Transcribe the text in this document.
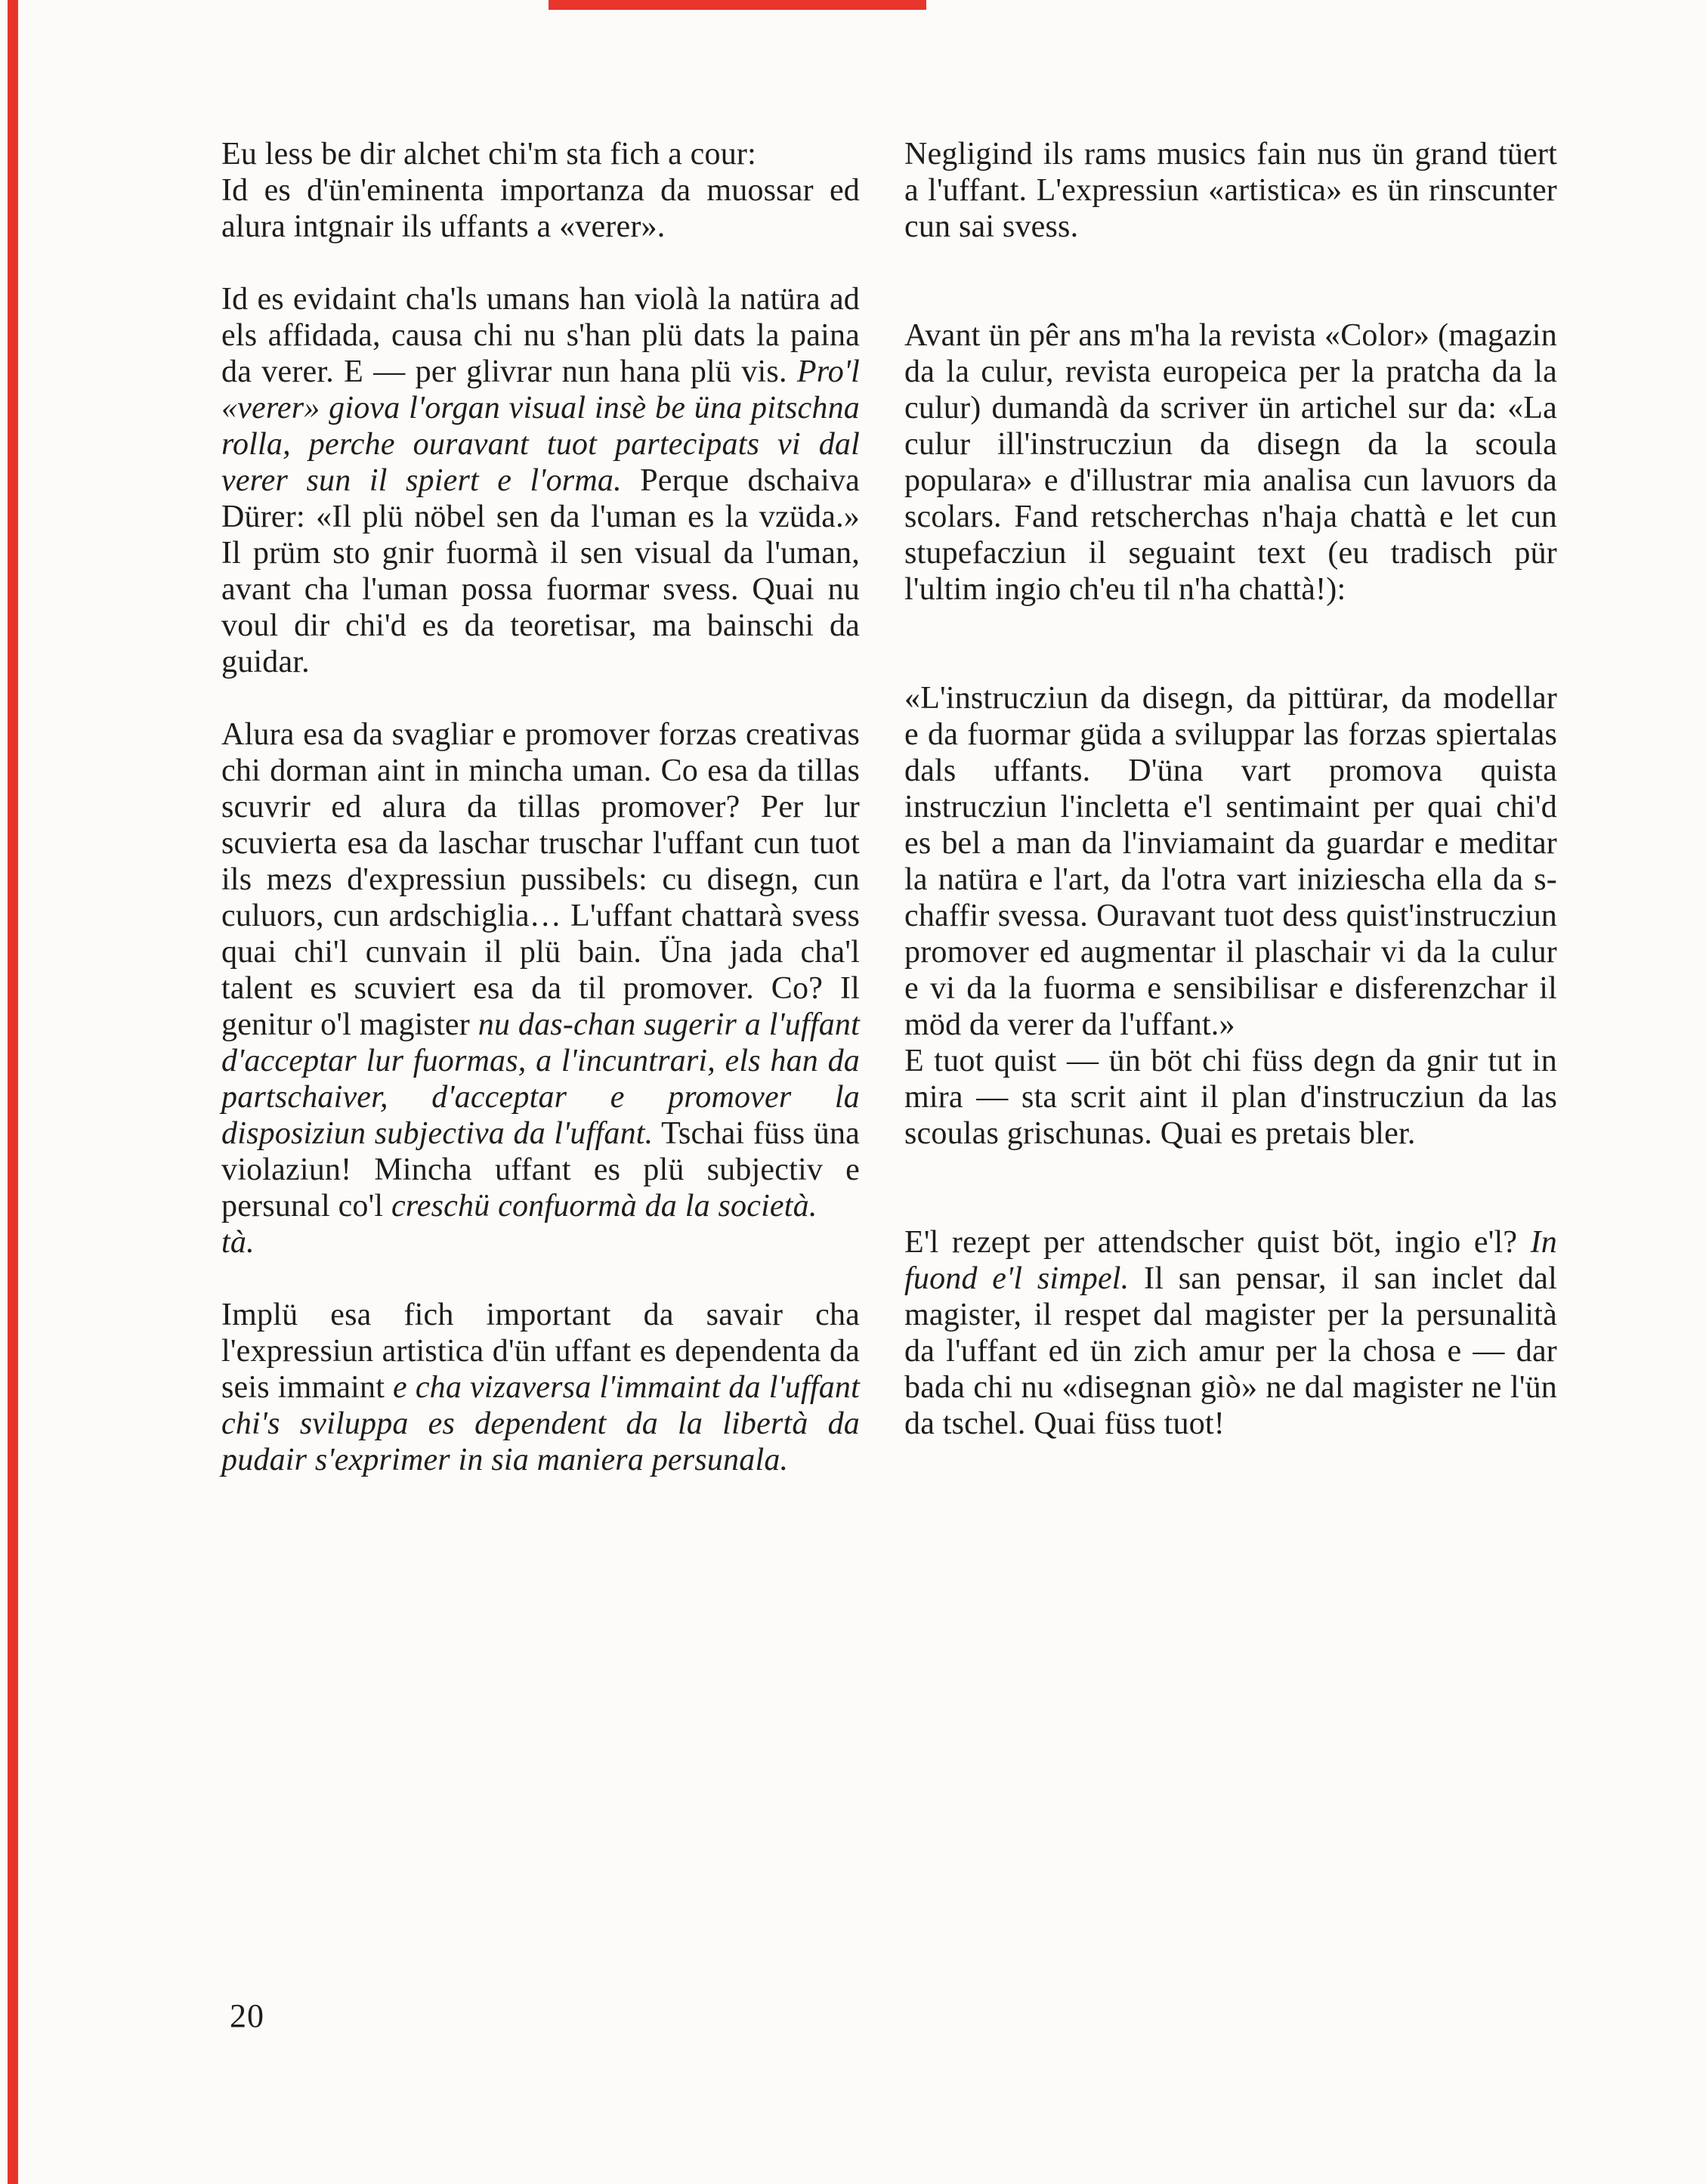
Eu less be dir alchet chi'm sta fich a cour:
Id es d'ün'eminenta importanza da muossar ed alura intgnair ils uffants a «verer».

Id es evidaint cha'ls umans han violà la natüra ad els affidada, causa chi nu s'han plü dats la paina da verer. E — per glivrar nun hana plü vis. Pro'l «verer» giova l'organ visual insè be üna pitschna rolla, perche ouravant tuot partecipats vi dal verer sun il spiert e l'orma. Perque dschaiva Dürer: «Il plü nöbel sen da l'uman es la vzüda.» Il prüm sto gnir fuormà il sen visual da l'uman, avant cha l'uman possa fuormar svess. Quai nu voul dir chi'd es da teoretisar, ma bainschi da guidar.

Alura esa da svagliar e promover forzas creativas chi dorman aint in mincha uman. Co esa da tillas scuvrir ed alura da tillas promover? Per lur scuvierta esa da laschar truschar l'uffant cun tuot ils mezs d'expressiun pussibels: cu disegn, cun culuors, cun ardschiglia… L'uffant chattarà svess quai chi'l cunvain il plü bain. Üna jada cha'l talent es scuviert esa da til promover. Co? Il genitur o'l magister nu das-chan sugerir a l'uffant d'acceptar lur fuormas, a l'incuntrari, els han da partschaiver, d'acceptar e promover la disposiziun subjectiva da l'uffant. Tschai füss üna violaziun! Mincha uffant es plü subjectiv e persunal co'l creschü confuormà da la società.
tà.

Implü esa fich important da savair cha l'expressiun artistica d'ün uffant es dependenta da seis immaint e cha vizaversa l'immaint da l'uffant chi's sviluppa es dependent da la libertà da pudair s'exprimer in sia maniera persunala.

Negligind ils rams musics fain nus ün grand tüert a l'uffant. L'expressiun «artistica» es ün rinscunter cun sai svess.

Avant ün pêr ans m'ha la revista «Color» (magazin da la culur, revista europeica per la pratcha da la culur) dumandà da scriver ün artichel sur da: «La culur ill'instrucziun da disegn da la scoula populara» e d'illustrar mia analisa cun lavuors da scolars. Fand retscherchas n'haja chattà e let cun stupefacziun il seguaint text (eu tradisch pür l'ultim ingio ch'eu til n'ha chattà!):

«L'instrucziun da disegn, da pittürar, da modellar e da fuormar güda a sviluppar las forzas spiertalas dals uffants. D'üna vart promova quista instrucziun l'incletta e'l sentimaint per quai chi'd es bel a man da l'inviamaint da guardar e meditar la natüra e l'art, da l'otra vart iniziescha ella da s-chaffir svessa. Ouravant tuot dess quist'instrucziun promover ed augmentar il plaschair vi da la culur e vi da la fuorma e sensibilisar e disferenzchar il möd da verer da l'uffant.»

E tuot quist — ün böt chi füss degn da gnir tut in mira — sta scrit aint il plan d'instrucziun da las scoulas grischunas. Quai es pretais bler.

E'l rezept per attendscher quist böt, ingio e'l? In fuond e'l simpel. Il san pensar, il san inclet dal magister, il respet dal magister per la persunalità da l'uffant ed ün zich amur per la chosa e — dar bada chi nu «disegnan giò» ne dal magister ne l'ün da tschel. Quai füss tuot!

20
